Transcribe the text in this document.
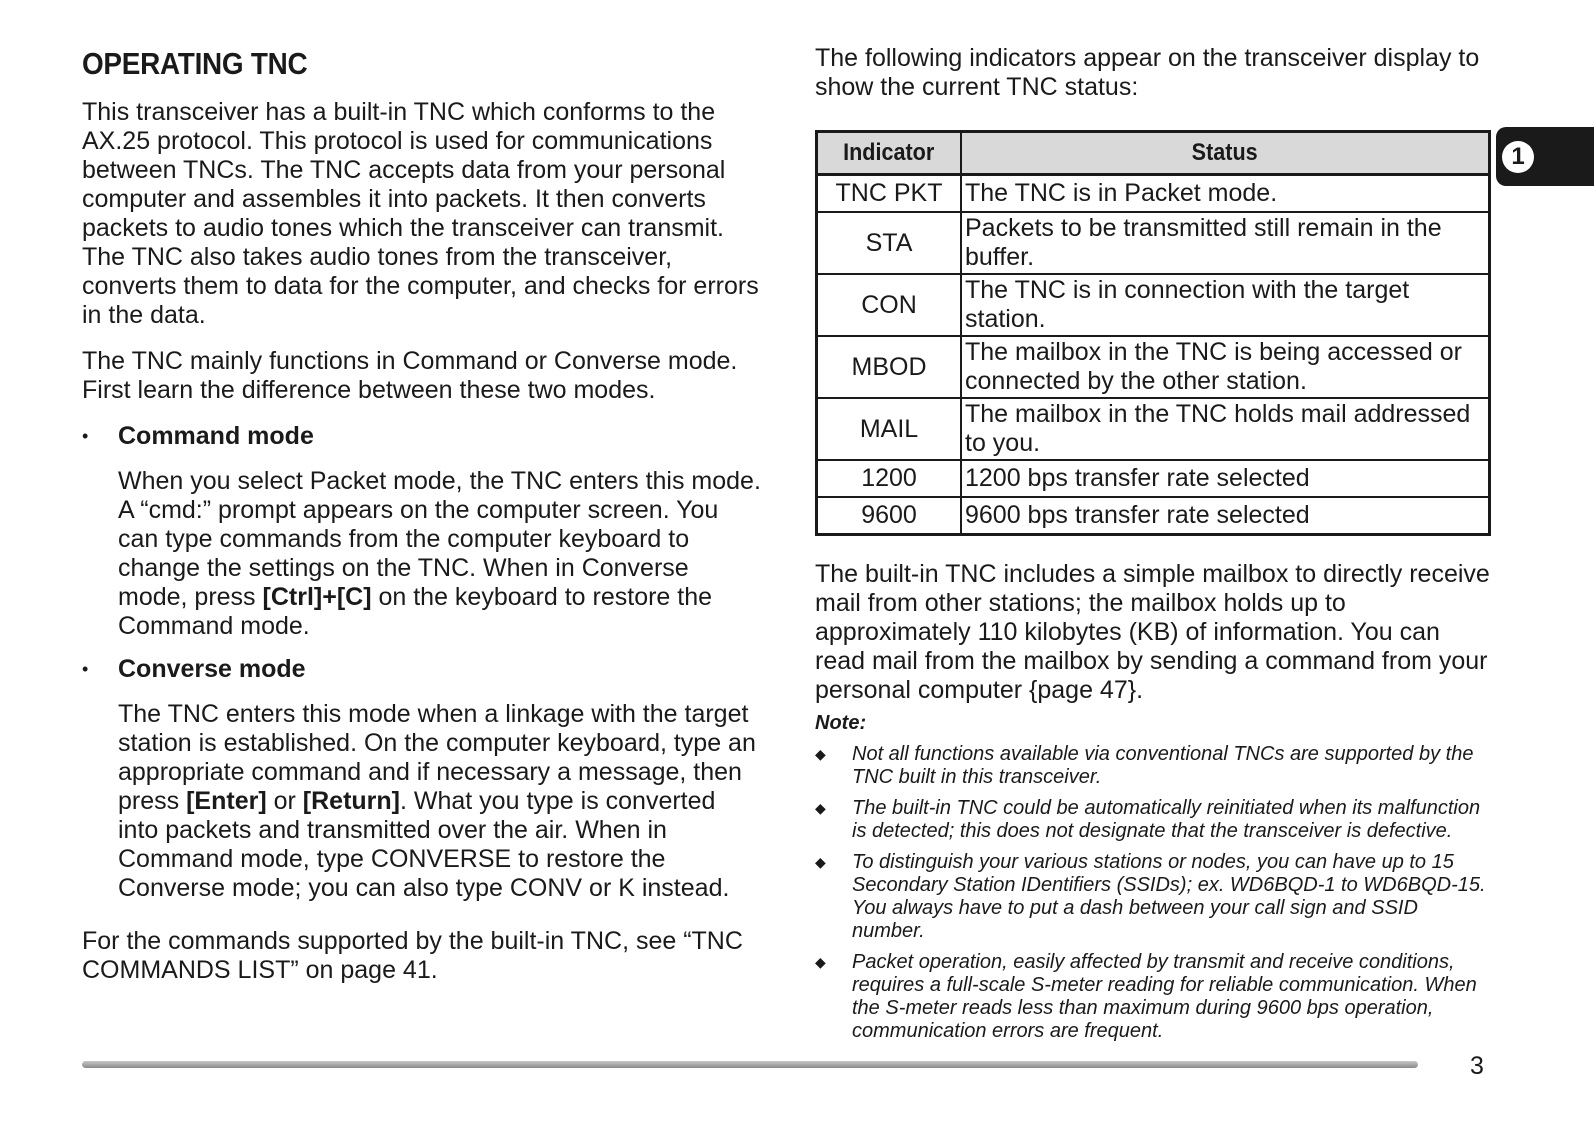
OPERATING TNC

This transceiver has a built-in TNC which conforms to the AX.25 protocol. This protocol is used for communications between TNCs. The TNC accepts data from your personal computer and assembles it into packets. It then converts packets to audio tones which the transceiver can transmit. The TNC also takes audio tones from the transceiver, converts them to data for the computer, and checks for errors in the data.

The TNC mainly functions in Command or Converse mode. First learn the difference between these two modes.

• Command mode

When you select Packet mode, the TNC enters this mode. A “cmd:” prompt appears on the computer screen. You can type commands from the computer keyboard to change the settings on the TNC. When in Converse mode, press [Ctrl]+[C] on the keyboard to restore the Command mode.

• Converse mode

The TNC enters this mode when a linkage with the target station is established. On the computer keyboard, type an appropriate command and if necessary a message, then press [Enter] or [Return]. What you type is converted into packets and transmitted over the air. When in Command mode, type CONVERSE to restore the Converse mode; you can also type CONV or K instead.

For the commands supported by the built-in TNC, see “TNC COMMANDS LIST” on page 41.

The following indicators appear on the transceiver display to show the current TNC status:

Indicator	Status
TNC PKT	The TNC is in Packet mode.
STA	Packets to be transmitted still remain in the buffer.
CON	The TNC is in connection with the target station.
MBOD	The mailbox in the TNC is being accessed or connected by the other station.
MAIL	The mailbox in the TNC holds mail addressed to you.
1200	1200 bps transfer rate selected
9600	9600 bps transfer rate selected

The built-in TNC includes a simple mailbox to directly receive mail from other stations; the mailbox holds up to approximately 110 kilobytes (KB) of information. You can read mail from the mailbox by sending a command from your personal computer {page 47}.

Note:
◆ Not all functions available via conventional TNCs are supported by the TNC built in this transceiver.
◆ The built-in TNC could be automatically reinitiated when its malfunction is detected; this does not designate that the transceiver is defective.
◆ To distinguish your various stations or nodes, you can have up to 15 Secondary Station IDentifiers (SSIDs); ex. WD6BQD-1 to WD6BQD-15. You always have to put a dash between your call sign and SSID number.
◆ Packet operation, easily affected by transmit and receive conditions, requires a full-scale S-meter reading for reliable communication. When the S-meter reads less than maximum during 9600 bps operation, communication errors are frequent.
1
3
